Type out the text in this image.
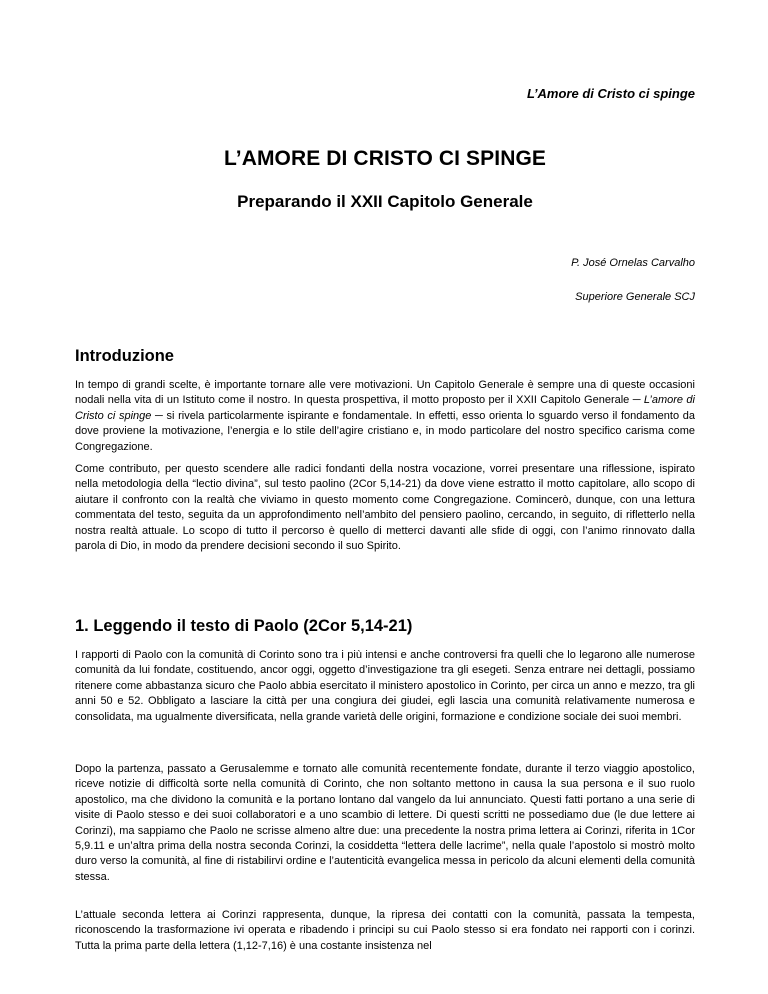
L’Amore di Cristo ci spinge
L’AMORE DI CRISTO CI SPINGE
Preparando il XXII Capitolo Generale
P. José Ornelas Carvalho
Superiore Generale SCJ
Introduzione
In tempo di grandi scelte, è importante tornare alle vere motivazioni. Un Capitolo Generale è sempre una di queste occasioni nodali nella vita di un Istituto come il nostro. In questa prospettiva, il motto proposto per il XXII Capitolo Generale ─ L’amore di Cristo ci spinge ─ si rivela particolarmente ispirante e fondamentale. In effetti, esso orienta lo sguardo verso il fondamento da dove proviene la motivazione, l’energia e lo stile dell’agire cristiano e, in modo particolare del nostro specifico carisma come Congregazione.
Come contributo, per questo scendere alle radici fondanti della nostra vocazione, vorrei presentare una riflessione, ispirato nella metodologia della “lectio divina”, sul testo paolino (2Cor 5,14-21) da dove viene estratto il motto capitolare, allo scopo di aiutare il confronto con la realtà che viviamo in questo momento come Congregazione. Comincerò, dunque, con una lettura commentata del testo, seguita da un approfondimento nell’ambito del pensiero paolino, cercando, in seguito, di rifletterlo nella nostra realtà attuale. Lo scopo di tutto il percorso è quello di metterci davanti alle sfide di oggi, con l’animo rinnovato dalla parola di Dio, in modo da prendere decisioni secondo il suo Spirito.
1. Leggendo il testo di Paolo (2Cor 5,14-21)
I rapporti di Paolo con la comunità di Corinto sono tra i più intensi e anche controversi fra quelli che lo legarono alle numerose comunità da lui fondate, costituendo, ancor oggi, oggetto d’investigazione tra gli esegeti. Senza entrare nei dettagli, possiamo ritenere come abbastanza sicuro che Paolo abbia esercitato il ministero apostolico in Corinto, per circa un anno e mezzo, tra gli anni 50 e 52. Obbligato a lasciare la città per una congiura dei giudei, egli lascia una comunità relativamente numerosa e consolidata, ma ugualmente diversificata, nella grande varietà delle origini, formazione e condizione sociale dei suoi membri.
Dopo la partenza, passato a Gerusalemme e tornato alle comunità recentemente fondate, durante il terzo viaggio apostolico, riceve notizie di difficoltà sorte nella comunità di Corinto, che non soltanto mettono in causa la sua persona e il suo ruolo apostolico, ma che dividono la comunità e la portano lontano dal vangelo da lui annunciato. Questi fatti portano a una serie di visite di Paolo stesso e dei suoi collaboratori e a uno scambio di lettere. Di questi scritti ne possediamo due (le due lettere ai Corinzi), ma sappiamo che Paolo ne scrisse almeno altre due: una precedente la nostra prima lettera ai Corinzi, riferita in 1Cor 5,9.11 e un’altra prima della nostra seconda Corinzi, la cosiddetta “lettera delle lacrime”, nella quale l’apostolo si mostrò molto duro verso la comunità, al fine di ristabilirvi ordine e l’autenticità evangelica messa in pericolo da alcuni elementi della comunità stessa.
L’attuale seconda lettera ai Corinzi rappresenta, dunque, la ripresa dei contatti con la comunità, passata la tempesta, riconoscendo la trasformazione ivi operata e ribadendo i principi su cui Paolo stesso si era fondato nei rapporti con i corinzi. Tutta la prima parte della lettera (1,12-7,16) è una costante insistenza nel
